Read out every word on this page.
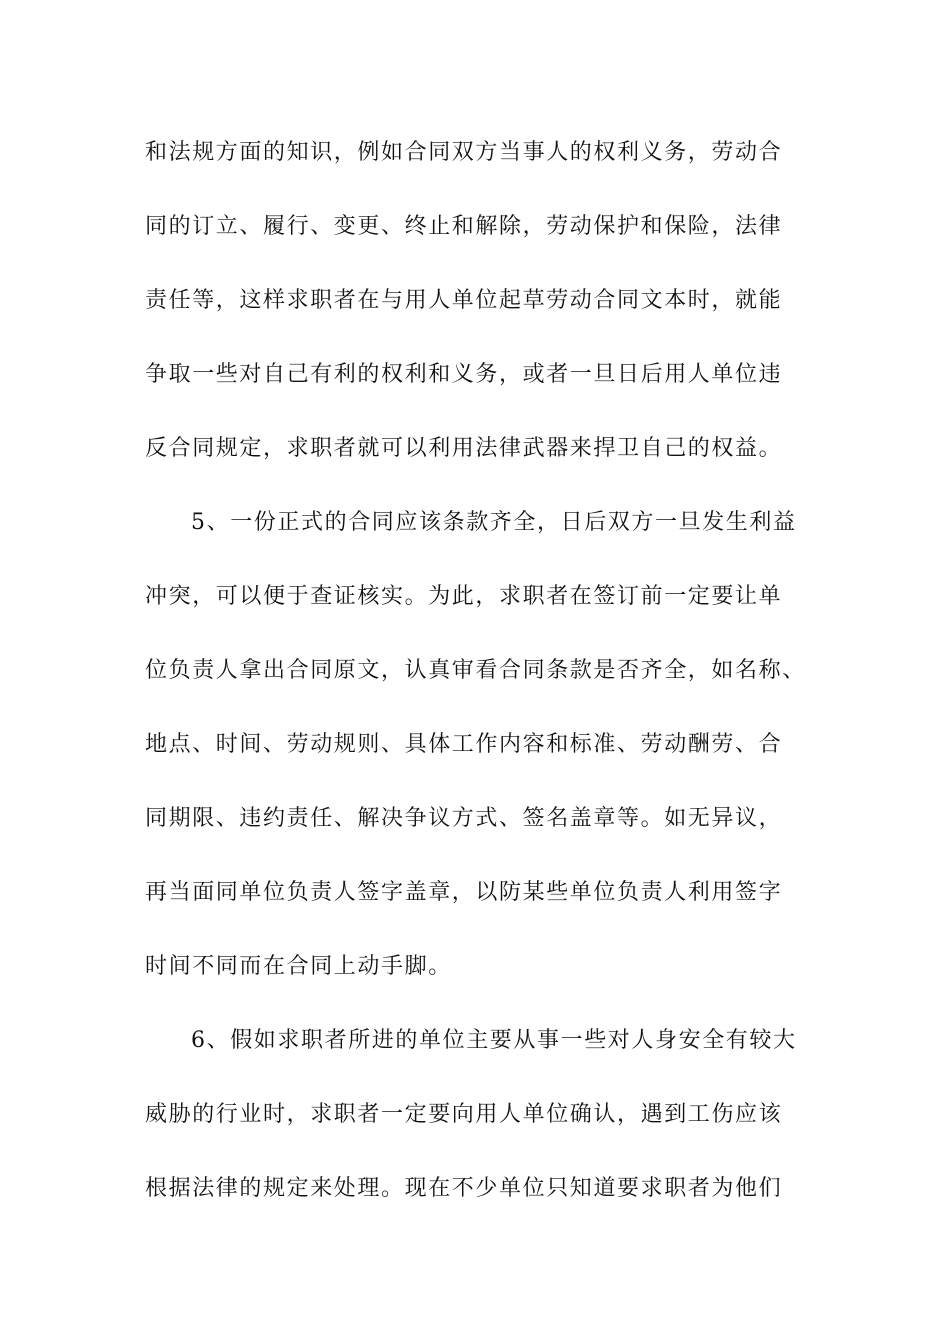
和法规方面的知识，例如合同双方当事人的权利义务，劳动合
同的订立、履行、变更、终止和解除，劳动保护和保险，法律
责任等，这样求职者在与用人单位起草劳动合同文本时，就能
争取一些对自己有利的权利和义务，或者一旦日后用人单位违
反合同规定，求职者就可以利用法律武器来捍卫自己的权益。
5、一份正式的合同应该条款齐全，日后双方一旦发生利益
冲突，可以便于查证核实。为此，求职者在签订前一定要让单
位负责人拿出合同原文，认真审看合同条款是否齐全，如名称、
地点、时间、劳动规则、具体工作内容和标准、劳动酬劳、合
同期限、违约责任、解决争议方式、签名盖章等。如无异议，
再当面同单位负责人签字盖章，以防某些单位负责人利用签字
时间不同而在合同上动手脚。
6、假如求职者所进的单位主要从事一些对人身安全有较大
威胁的行业时，求职者一定要向用人单位确认，遇到工伤应该
根据法律的规定来处理。现在不少单位只知道要求职者为他们
